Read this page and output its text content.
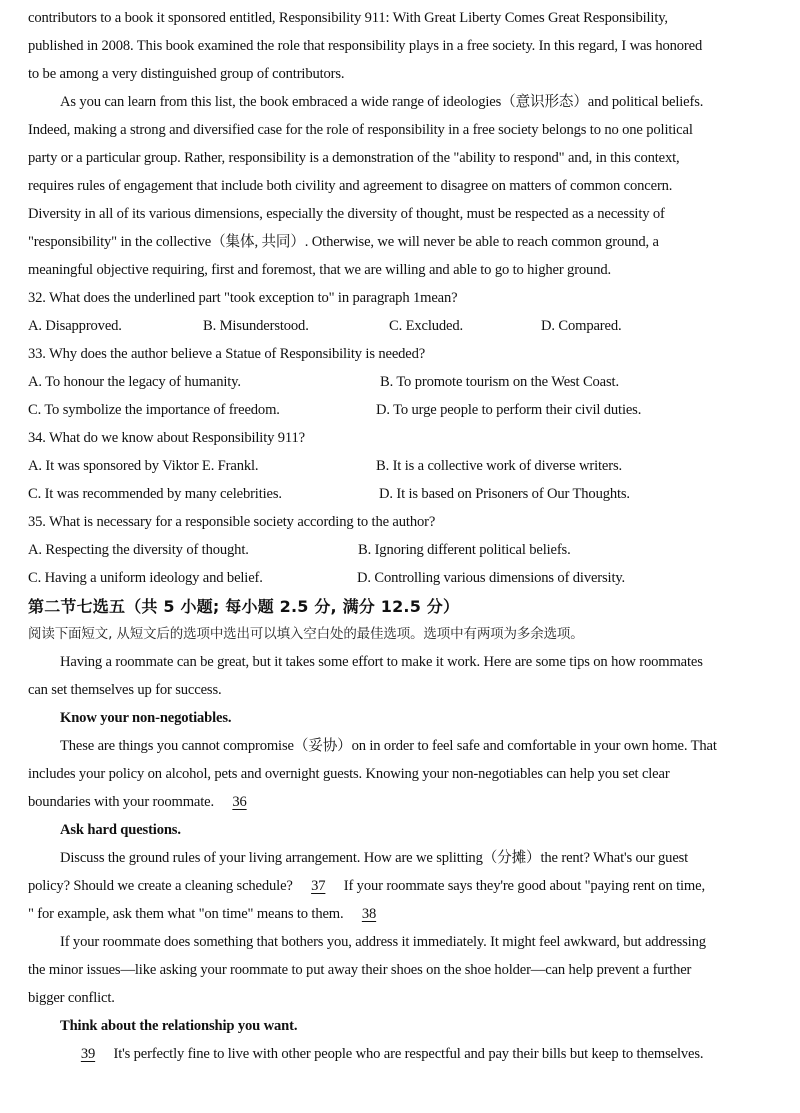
contributors to a book it sponsored entitled, Responsibility 911: With Great Liberty Comes Great Responsibility,
published in 2008. This book examined the role that responsibility plays in a free society. In this regard, I was honored
to be among a very distinguished group of contributors.
As you can learn from this list, the book embraced a wide range of ideologies（意识形态）and political beliefs.
Indeed, making a strong and diversified case for the role of responsibility in a free society belongs to no one political
party or a particular group. Rather, responsibility is a demonstration of the "ability to respond" and, in this context,
requires rules of engagement that include both civility and agreement to disagree on matters of common concern.
Diversity in all of its various dimensions, especially the diversity of thought, must be respected as a necessity of
"responsibility" in the collective（集体, 共同）. Otherwise, we will never be able to reach common ground, a
meaningful objective requiring, first and foremost, that we are willing and able to go to higher ground.
32. What does the underlined part "took exception to" in paragraph 1mean?
A. Disapproved.	B. Misunderstood.	C. Excluded.	D. Compared.
33. Why does the author believe a Statue of Responsibility is needed?
A. To honour the legacy of humanity.	B. To promote tourism on the West Coast.
C. To symbolize the importance of freedom.	D. To urge people to perform their civil duties.
34. What do we know about Responsibility 911?
A. It was sponsored by Viktor E. Frankl.	B. It is a collective work of diverse writers.
C. It was recommended by many celebrities.	D. It is based on Prisoners of Our Thoughts.
35. What is necessary for a responsible society according to the author?
A. Respecting the diversity of thought.	B. Ignoring different political beliefs.
C. Having a uniform ideology and belief.	D. Controlling various dimensions of diversity.
第二节七选五（共 5 小题; 每小题 2.5 分, 满分 12.5 分）
阅读下面短文, 从短文后的选项中选出可以填入空白处的最佳选项。选项中有两项为多余选项。
Having a roommate can be great, but it takes some effort to make it work. Here are some tips on how roommates
can set themselves up for success.
Know your non-negotiables.
These are things you cannot compromise（妥协）on in order to feel safe and comfortable in your own home. That
includes your policy on alcohol, pets and overnight guests. Knowing your non-negotiables can help you set clear
boundaries with your roommate. 36
Ask hard questions.
Discuss the ground rules of your living arrangement. How are we splitting（分摊）the rent? What's our guest
policy? Should we create a cleaning schedule? 37 If your roommate says they're good about "paying rent on time,
" for example, ask them what "on time" means to them. 38
If your roommate does something that bothers you, address it immediately. It might feel awkward, but addressing
the minor issues—like asking your roommate to put away their shoes on the shoe holder—can help prevent a further
bigger conflict.
Think about the relationship you want.
39 It's perfectly fine to live with other people who are respectful and pay their bills but keep to themselves.
